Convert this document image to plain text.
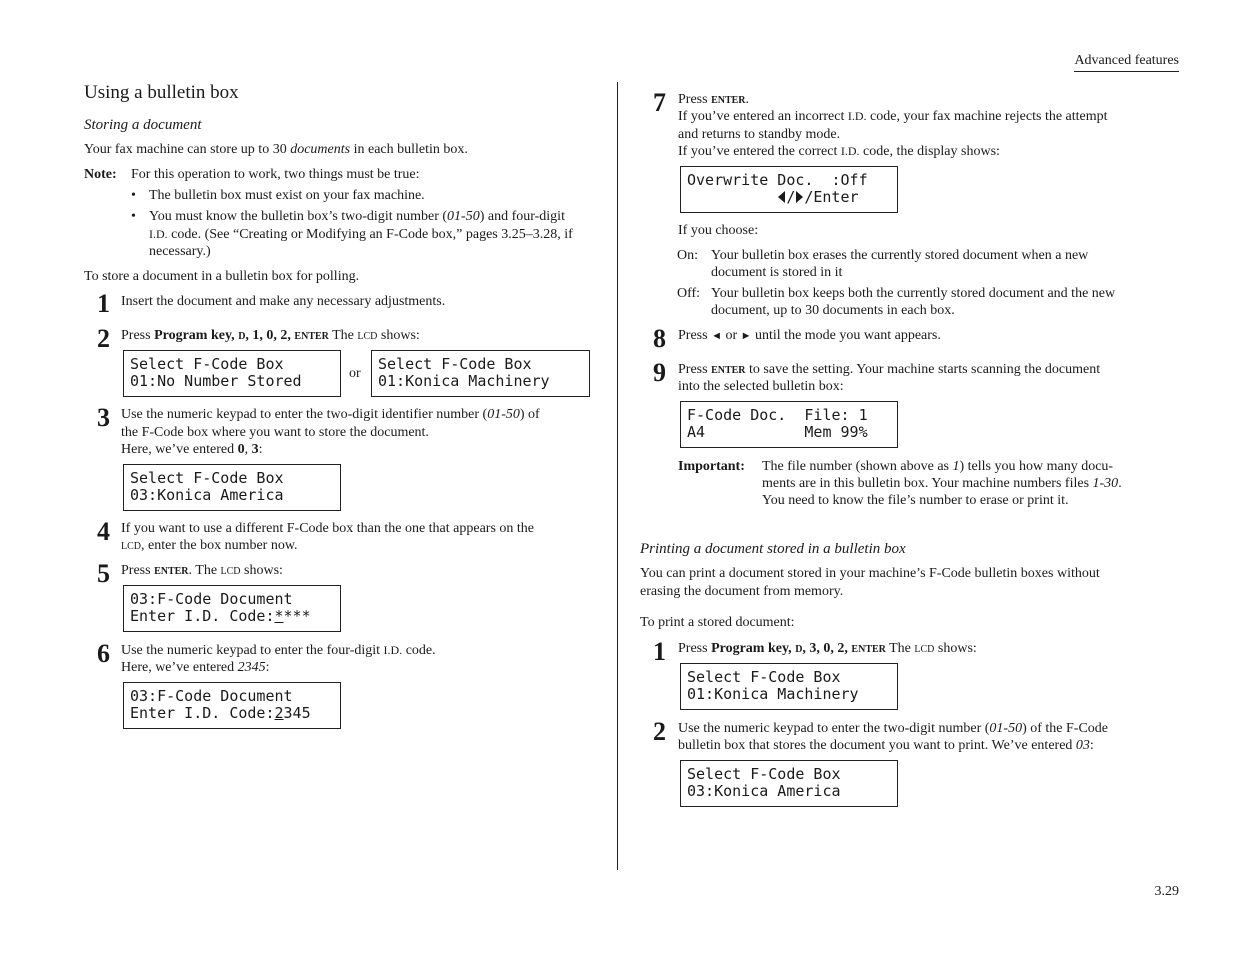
Advanced features
3.29
Using a bulletin box
Storing a document
Your fax machine can store up to 30 documents in each bulletin box.
Note: For this operation to work, two things must be true:
• The bulletin box must exist on your fax machine.
• You must know the bulletin box’s two-digit number (01-50) and four-digit
I.D. code. (See “Creating or Modifying an F-Code box,” pages 3.25–3.28, if
necessary.)
To store a document in a bulletin box for polling.
1 Insert the document and make any necessary adjustments.
2 Press Program key, d, 1, 0, 2, enter The lcd shows:
Select F-Code Box
01:No Number Stored	or
Select F-Code Box
01:Konica Machinery
3 Use the numeric keypad to enter the two-digit identifier number (01-50) of
the F-Code box where you want to store the document.
Here, we’ve entered 0, 3:
Select F-Code Box
03:Konica America
4 If you want to use a different F-Code box than the one that appears on the
lcd, enter the box number now.
5 Press enter. The lcd shows:
03:F-Code Document
Enter I.D. Code:****
6 Use the numeric keypad to enter the four-digit I.D. code.
Here, we’ve entered 2345:
03:F-Code Document
Enter I.D. Code:2345
7 Press enter.
If you’ve entered an incorrect I.D. code, your fax machine rejects the attempt
and returns to standby mode.
If you’ve entered the correct I.D. code, the display shows:
Overwrite Doc.  :Off
/ /Enter
If you choose:
On: Your bulletin box erases the currently stored document when a new
document is stored in it
Off: Your bulletin box keeps both the currently stored document and the new
document, up to 30 documents in each box.
8 Press ◄ or ► until the mode you want appears.
9 Press enter to save the setting. Your machine starts scanning the document
into the selected bulletin box:
F-Code Doc.  File: 1
A4           Mem 99%
Important: The file number (shown above as 1) tells you how many docu-
ments are in this bulletin box. Your machine numbers files 1-30.
You need to know the file’s number to erase or print it.
Printing a document stored in a bulletin box
You can print a document stored in your machine’s F-Code bulletin boxes without
erasing the document from memory.
To print a stored document:
1 Press Program key, d, 3, 0, 2, enter The lcd shows:
Select F-Code Box
01:Konica Machinery
2 Use the numeric keypad to enter the two-digit number (01-50) of the F-Code
bulletin box that stores the document you want to print. We’ve entered 03:
Select F-Code Box
03:Konica America
